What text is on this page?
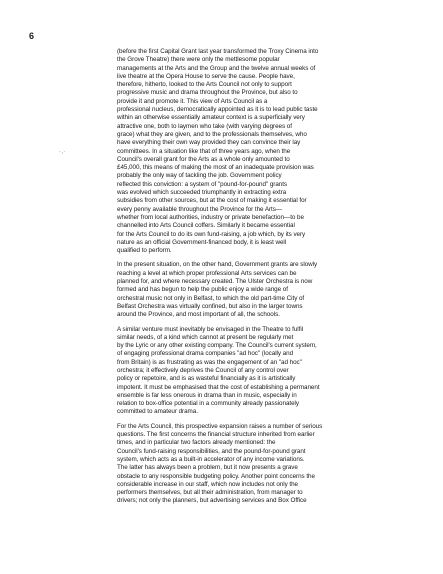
6
·,·
(before the first Capital Grant last year transformed the Troxy Cinema into
the Grove Theatre) there were only the mettlesome popular
managements at the Arts and the Group and the twelve annual weeks of
live theatre at the Opera House to serve the cause. People have,
therefore, hitherto, looked to the Arts Council not only to support
progressive music and drama throughout the Province, but also to
provide it and promote it. This view of Arts Council as a
professional nucleus, democratically appointed as it is to lead public taste
within an otherwise essentially amateur context is a superficially very
attractive one, both to laymen who take (with varying degrees of
grace) what they are given, and to the professionals themselves, who
have everything their own way provided they can convince their lay
committees. In a situation like that of three years ago, when the
Council's overall grant for the Arts as a whole only amounted to
£45,000, this means of making the most of an inadequate provision was
probably the only way of tackling the job. Government policy
reflected this conviction: a system of "pound-for-pound" grants
was evolved which succeeded triumphantly in extracting extra
subsidies from other sources, but at the cost of making it essential for
every penny available throughout the Province for the Arts—
whether from local authorities, industry or private benefaction—to be
channelled into Arts Council coffers. Similarly it became essential
for the Arts Council to do its own fund-raising, a job which, by its very
nature as an official Government-financed body, it is least well
qualified to perform.
In the present situation, on the other hand, Government grants are slowly
reaching a level at which proper professional Arts services can be
planned for, and where necessary created. The Ulster Orchestra is now
formed and has begun to help the public enjoy a wide range of
orchestral music not only in Belfast, to which the old part-time City of
Belfast Orchestra was virtually confined, but also in the larger towns
around the Province, and most important of all, the schools.
A similar venture must inevitably be envisaged in the Theatre to fulfil
similar needs, of a kind which cannot at present be regularly met
by the Lyric or any other existing company. The Council's current system,
of engaging professional drama companies "ad hoc" (locally and
from Britain) is as frustrating as was the engagement of an "ad hoc"
orchestra; it effectively deprives the Council of any control over
policy or repetoire, and is as wasteful financially as it is artistically
impotent. It must be emphasised that the cost of establishing a permanent
ensemble is far less onerous in drama than in music, especially in
relation to box-office potential in a community already passionately
committed to amateur drama.
For the Arts Council, this prospective expansion raises a number of serious
questions. The first concerns the financial structure inherited from earlier
times, and in particular two factors already mentioned: the
Council's fund-raising responsibilities, and the pound-for-pound grant
system, which acts as a built-in accelerator of any income variations.
The latter has always been a problem, but it now presents a grave
obstacle to any responsible budgeting policy. Another point concerns the
considerable increase in our staff, which now includes not only the
performers themselves, but all their administration, from manager to
drivers; not only the planners, but advertising services and Box Office
